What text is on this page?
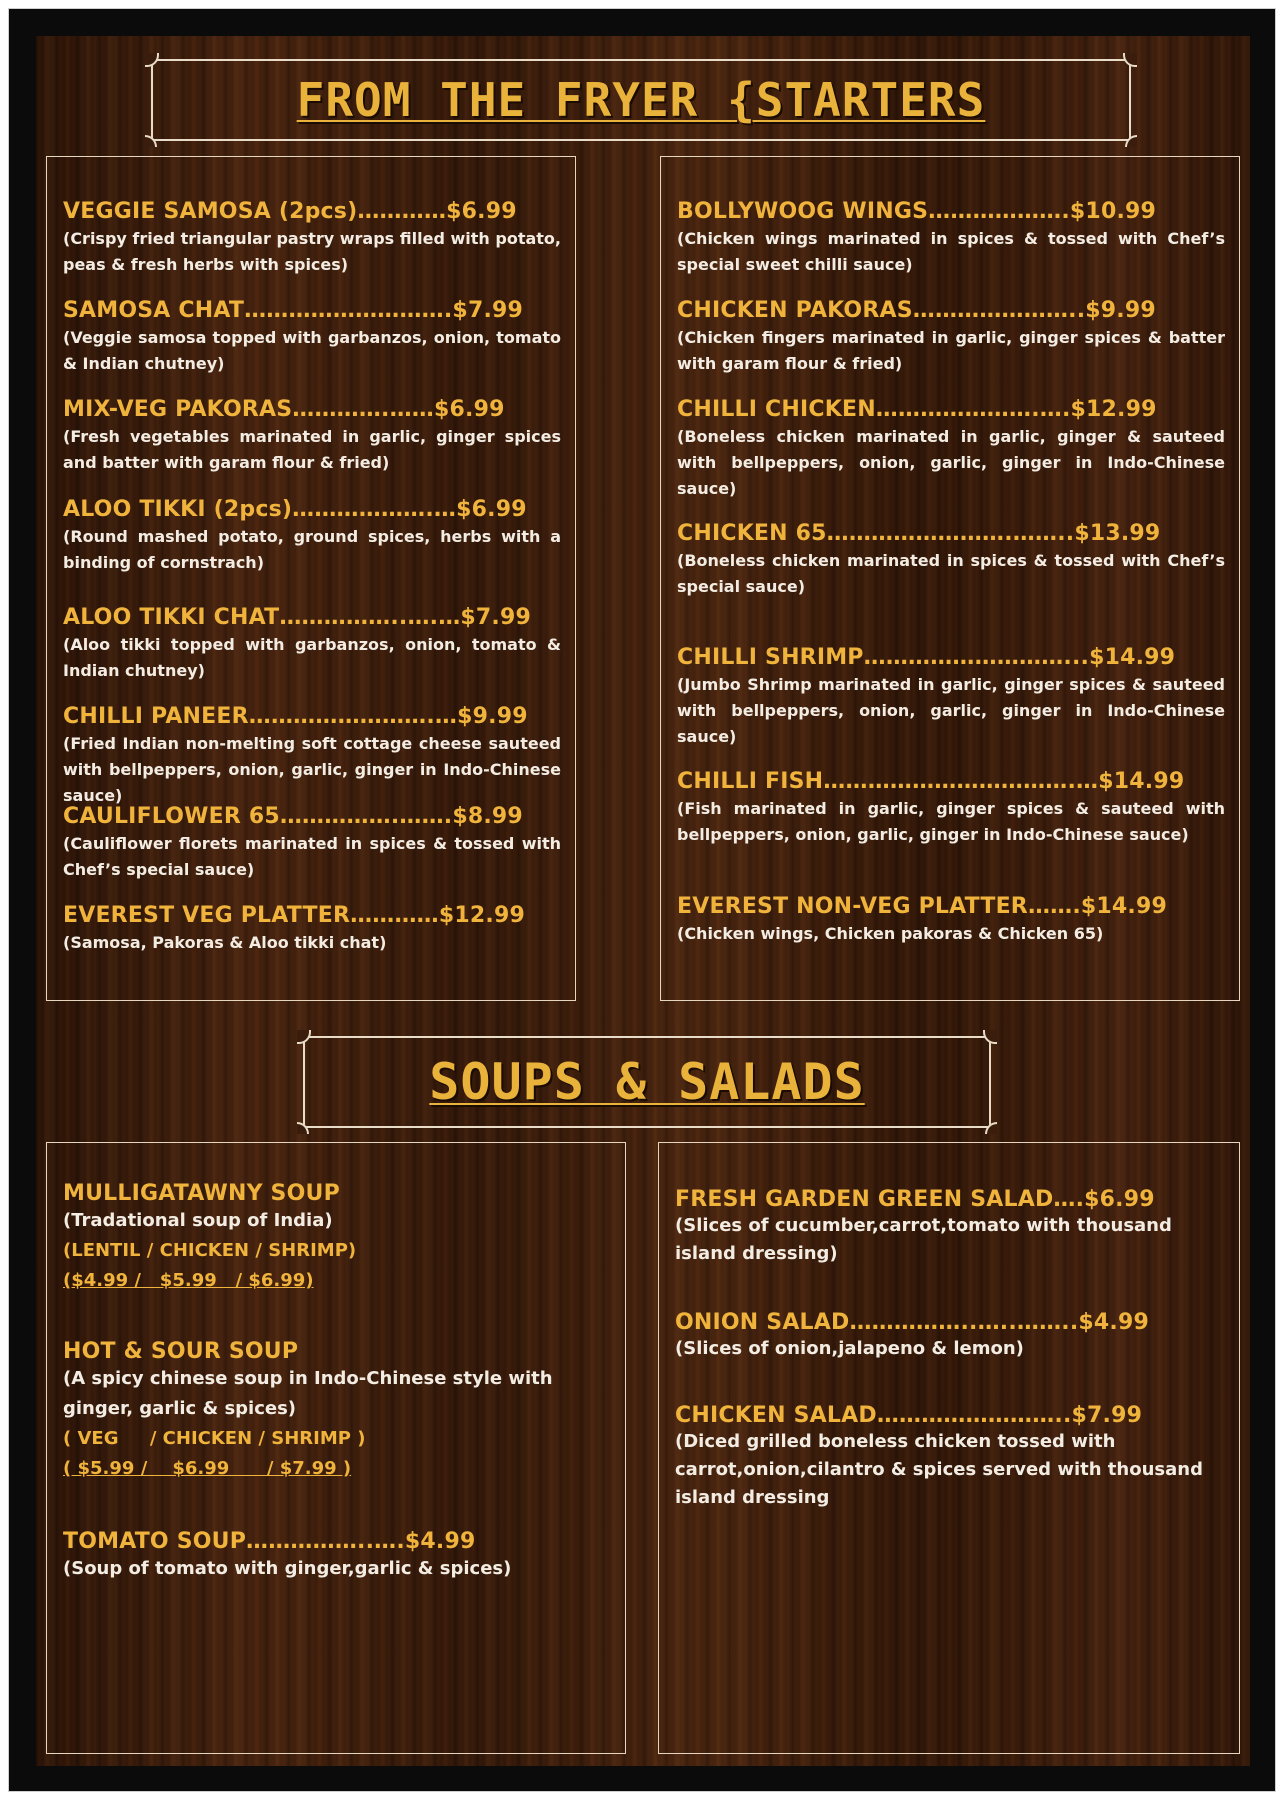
FROM THE FRYER {STARTERS
VEGGIE SAMOSA (2pcs)…………$6.99
(Crispy fried triangular pastry wraps filled with potato, peas & fresh herbs with spices)
SAMOSA CHAT……………………….$7.99
(Veggie samosa topped with garbanzos, onion, tomato & Indian chutney)
MIX-VEG PAKORAS………….……$6.99
(Fresh vegetables marinated in garlic, ginger spices and batter with garam flour & fried)
ALOO TIKKI (2pcs)……………….…$6.99
(Round mashed potato, ground spices, herbs with a binding of cornstrach)
ALOO TIKKI CHAT……………..….…$7.99
(Aloo tikki topped with garbanzos, onion, tomato & Indian chutney)
CHILLI PANEER…………………….…$9.99
(Fried Indian non-melting soft cottage cheese sauteed with bellpeppers, onion, garlic, ginger in Indo-Chinese sauce)
CAULIFLOWER 65…………….…….$8.99
(Cauliflower florets marinated in spices & tossed with Chef’s special sauce)
EVEREST VEG PLATTER…………$12.99
(Samosa, Pakoras & Aloo tikki chat)
BOLLYWOOG WINGS……………….$10.99
(Chicken wings marinated in spices & tossed with Chef’s special sweet chilli sauce)
CHICKEN PAKORAS…………………..$9.99
(Chicken fingers marinated in garlic, ginger spices & batter with garam flour & fried)
CHILLI CHICKEN………………….….$12.99
(Boneless chicken marinated in garlic, ginger & sauteed with bellpeppers, onion, garlic, ginger in Indo-Chinese sauce)
CHICKEN 65…………………….……..$13.99
(Boneless chicken marinated in spices & tossed with Chef’s special sauce)
CHILLI SHRIMP………………………...$14.99
(Jumbo Shrimp marinated in garlic, ginger spices & sauteed with bellpeppers, onion, garlic, ginger in Indo-Chinese sauce)
CHILLI FISH…………………………….…$14.99
(Fish marinated in garlic, ginger spices & sauteed with bellpeppers, onion, garlic, ginger in Indo-Chinese sauce)
EVEREST NON-VEG PLATTER…….$14.99
(Chicken wings, Chicken pakoras & Chicken 65)
SOUPS & SALADS
MULLIGATAWNY SOUP
(Tradational soup of India)
(LENTIL / CHICKEN / SHRIMP)
($4.99 /   $5.99   / $6.99)
HOT & SOUR SOUP
(A spicy chinese soup in Indo-Chinese style with ginger, garlic & spices)
( VEG     / CHICKEN / SHRIMP )
( $5.99 /    $6.99      / $7.99 )
TOMATO SOUP……………..….$4.99
(Soup of tomato with ginger,garlic & spices)
FRESH GARDEN GREEN SALAD….$6.99
(Slices of cucumber,carrot,tomato with thousand island dressing)
ONION SALAD……………..…..……..$4.99
(Slices of onion,jalapeno & lemon)
CHICKEN SALAD……………………..$7.99
(Diced grilled boneless chicken tossed with carrot,onion,cilantro & spices served with thousand island dressing
